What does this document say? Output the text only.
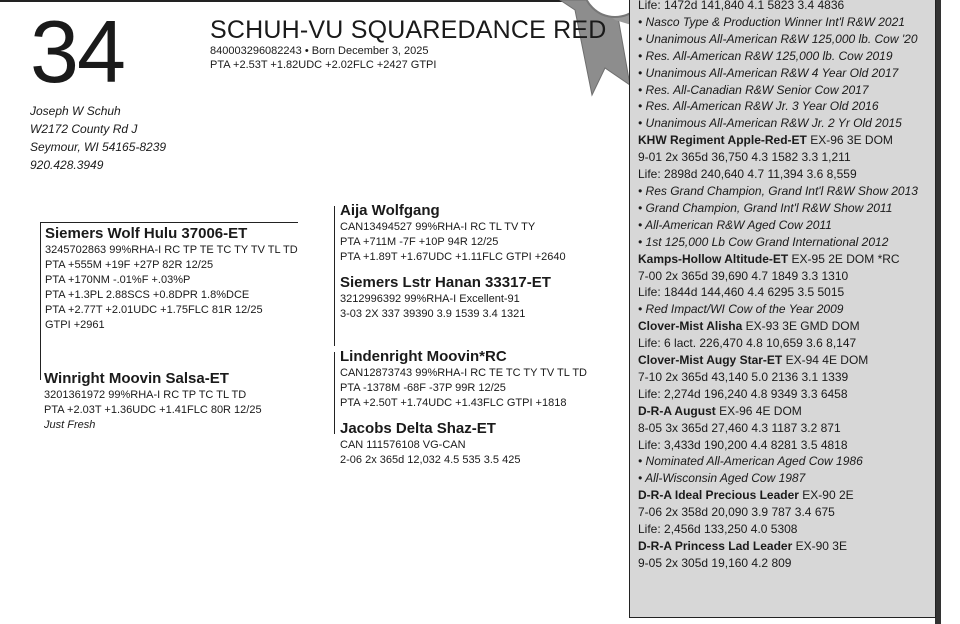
34
Joseph W Schuh
W2172 County Rd J
Seymour, WI 54165-8239
920.428.3949
SCHUH-VU SQUAREDANCE RED
840003296082243 • Born December 3, 2025
PTA +2.53T +1.82UDC +2.02FLC +2427 GTPI
Siemers Wolf Hulu 37006-ET
3245702863 99%RHA-I RC TP TE TC TY TV TL TD
PTA +555M +19F +27P 82R 12/25
PTA +170NM -.01%F +.03%P
PTA +1.3PL 2.88SCS +0.8DPR 1.8%DCE
PTA +2.77T +2.01UDC +1.75FLC 81R 12/25
GTPI +2961
Winright Moovin Salsa-ET
3201361972 99%RHA-I RC TP TC TL TD
PTA +2.03T +1.36UDC +1.41FLC 80R 12/25
Just Fresh
Aija Wolfgang
CAN13494527 99%RHA-I RC TL TV TY
PTA +711M -7F +10P 94R 12/25
PTA +1.89T +1.67UDC +1.11FLC GTPI +2640
Siemers Lstr Hanan 33317-ET
3212996392 99%RHA-I Excellent-91
3-03 2X 337 39390 3.9 1539 3.4 1321
Lindenright Moovin*RC
CAN12873743 99%RHA-I RC TE TC TY TV TL TD
PTA -1378M -68F -37P 99R 12/25
PTA +2.50T +1.74UDC +1.43FLC GTPI +1818
Jacobs Delta Shaz-ET
CAN 111576108 VG-CAN
2-06 2x 365d 12,032 4.5 535 3.5 425
Life: 1472d 141,840 4.1 5823 3.4 4836
• Nasco Type & Production Winner Int'l R&W 2021
• Unanimous All-American R&W 125,000 lb. Cow '20
• Res. All-American R&W 125,000 lb. Cow 2019
• Unanimous All-American R&W 4 Year Old 2017
• Res. All-Canadian R&W Senior Cow 2017
• Res. All-American R&W Jr. 3 Year Old 2016
• Unanimous All-American R&W Jr. 2 Yr Old 2015
KHW Regiment Apple-Red-ET EX-96 3E DOM
9-01 2x 365d 36,750 4.3 1582 3.3 1,211
Life: 2898d 240,640 4.7 11,394 3.6 8,559
• Res Grand Champion, Grand Int'l R&W Show 2013
• Grand Champion, Grand Int'l R&W Show 2011
• All-American R&W Aged Cow 2011
• 1st 125,000 Lb Cow Grand International 2012
Kamps-Hollow Altitude-ET EX-95 2E DOM *RC
7-00 2x 365d 39,690 4.7 1849 3.3 1310
Life: 1844d 144,460 4.4 6295 3.5 5015
• Red Impact/WI Cow of the Year 2009
Clover-Mist Alisha EX-93 3E GMD DOM
Life: 6 lact. 226,470 4.8 10,659 3.6 8,147
Clover-Mist Augy Star-ET EX-94 4E DOM
7-10 2x 365d 43,140 5.0 2136 3.1 1339
Life: 2,274d 196,240 4.8 9349 3.3 6458
D-R-A August EX-96 4E DOM
8-05 3x 365d 27,460 4.3 1187 3.2 871
Life: 3,433d 190,200 4.4 8281 3.5 4818
• Nominated All-American Aged Cow 1986
• All-Wisconsin Aged Cow 1987
D-R-A Ideal Precious Leader EX-90 2E
7-06 2x 358d 20,090 3.9 787 3.4 675
Life: 2,456d 133,250 4.0 5308
D-R-A Princess Lad Leader EX-90 3E
9-05 2x 305d 19,160 4.2 809
